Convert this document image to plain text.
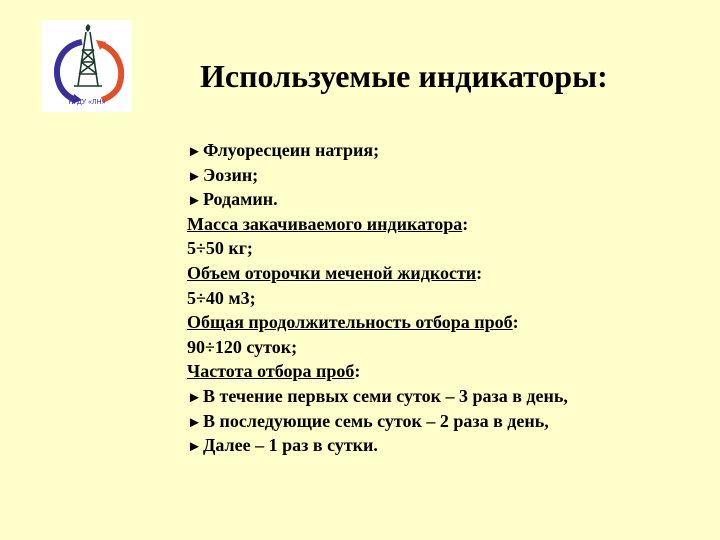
НГДУ «ЛН»
Используемые индикаторы:
►Флуоресцеин натрия;
►Эозин;
►Родамин.
Масса закачиваемого индикатора:
5÷50 кг;
Объем оторочки меченой жидкости:
5÷40 м3;
Общая продолжительность отбора проб:
90÷120 суток;
Частота отбора проб:
►В течение первых семи суток – 3 раза в день,
►В последующие семь суток – 2 раза в день,
►Далее – 1 раз в сутки.
